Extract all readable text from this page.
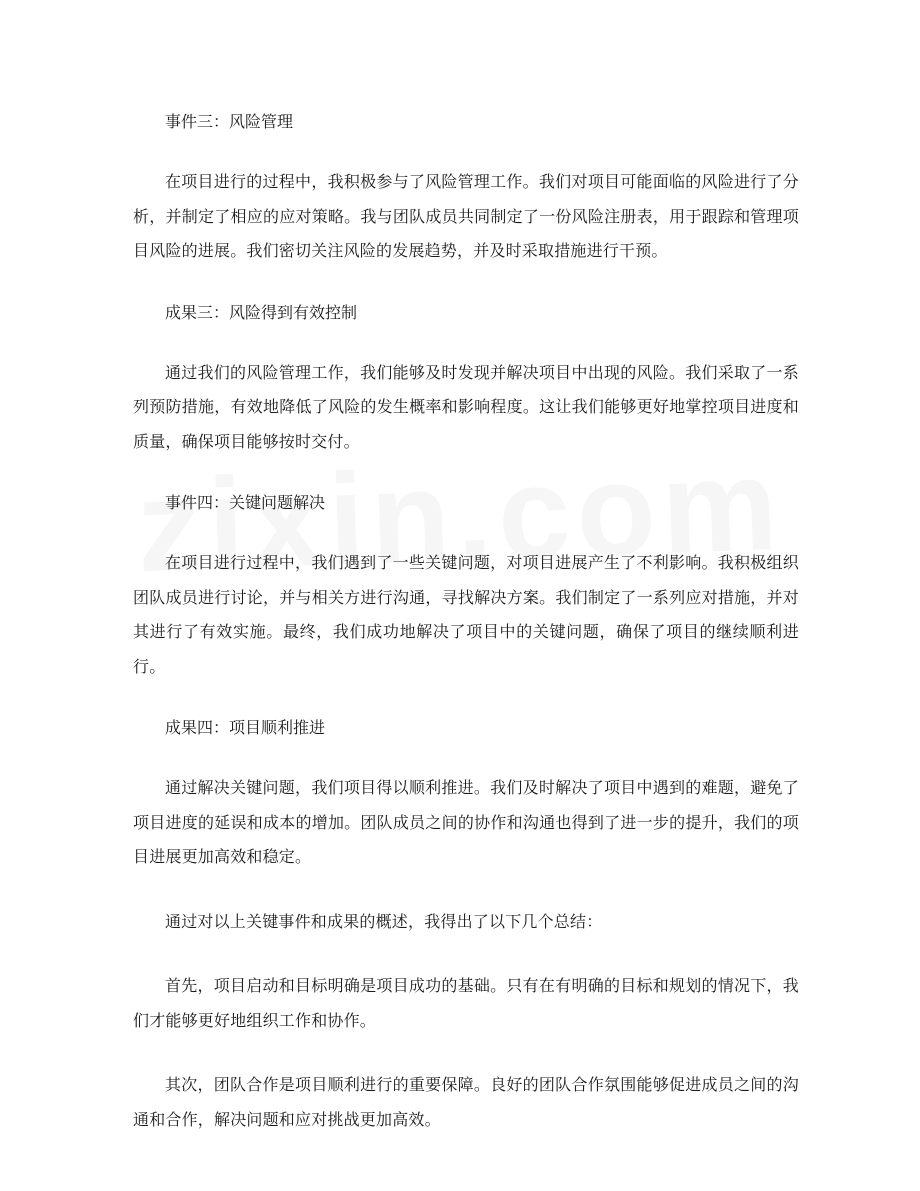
事件三：风险管理

在项目进行的过程中，我积极参与了风险管理工作。我们对项目可能面临的风险进行了分析，并制定了相应的应对策略。我与团队成员共同制定了一份风险注册表，用于跟踪和管理项目风险的进展。我们密切关注风险的发展趋势，并及时采取措施进行干预。

成果三：风险得到有效控制

通过我们的风险管理工作，我们能够及时发现并解决项目中出现的风险。我们采取了一系列预防措施，有效地降低了风险的发生概率和影响程度。这让我们能够更好地掌控项目进度和质量，确保项目能够按时交付。

事件四：关键问题解决

在项目进行过程中，我们遇到了一些关键问题，对项目进展产生了不利影响。我积极组织团队成员进行讨论，并与相关方进行沟通，寻找解决方案。我们制定了一系列应对措施，并对其进行了有效实施。最终，我们成功地解决了项目中的关键问题，确保了项目的继续顺利进行。

成果四：项目顺利推进

通过解决关键问题，我们项目得以顺利推进。我们及时解决了项目中遇到的难题，避免了项目进度的延误和成本的增加。团队成员之间的协作和沟通也得到了进一步的提升，我们的项目进展更加高效和稳定。

通过对以上关键事件和成果的概述，我得出了以下几个总结：

首先，项目启动和目标明确是项目成功的基础。只有在有明确的目标和规划的情况下，我们才能够更好地组织工作和协作。

其次，团队合作是项目顺利进行的重要保障。良好的团队合作氛围能够促进成员之间的沟通和合作，解决问题和应对挑战更加高效。
